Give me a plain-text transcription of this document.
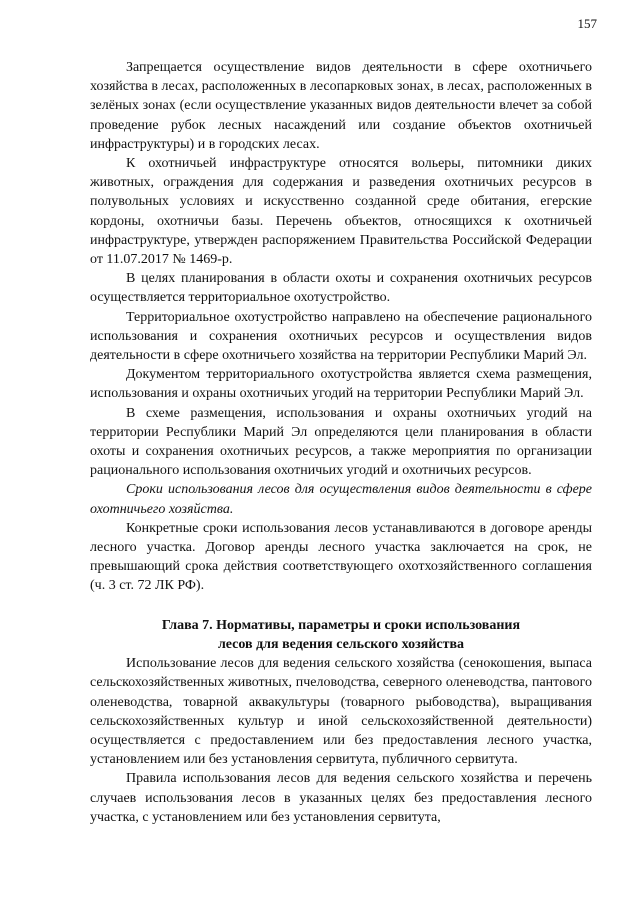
157

Запрещается осуществление видов деятельности в сфере охотничьего хозяйства в лесах, расположенных в лесопарковых зонах, в лесах, расположенных в зелёных зонах (если осуществление указанных видов деятельности влечет за собой проведение рубок лесных насаждений или создание объектов охотничьей инфраструктуры) и в городских лесах.

К охотничьей инфраструктуре относятся вольеры, питомники диких животных, ограждения для содержания и разведения охотничьих ресурсов в полувольных условиях и искусственно созданной среде обитания, егерские кордоны, охотничьи базы. Перечень объектов, относящихся к охотничьей инфраструктуре, утвержден распоряжением Правительства Российской Федерации от 11.07.2017 № 1469-р.

В целях планирования в области охоты и сохранения охотничьих ресурсов осуществляется территориальное охотустройство.

Территориальное охотустройство направлено на обеспечение рационального использования и сохранения охотничьих ресурсов и осуществления видов деятельности в сфере охотничьего хозяйства на территории Республики Марий Эл.

Документом территориального охотустройства является схема размещения, использования и охраны охотничьих угодий на территории Республики Марий Эл.

В схеме размещения, использования и охраны охотничьих угодий на территории Республики Марий Эл определяются цели планирования в области охоты и сохранения охотничьих ресурсов, а также мероприятия по организации рационального использования охотничьих угодий и охотничьих ресурсов.

Сроки использования лесов для осуществления видов деятельности в сфере охотничьего хозяйства.

Конкретные сроки использования лесов устанавливаются в договоре аренды лесного участка. Договор аренды лесного участка заключается на срок, не превышающий срока действия соответствующего охотхозяйственного соглашения (ч. 3 ст. 72 ЛК РФ).

Глава 7. Нормативы, параметры и сроки использования
лесов для ведения сельского хозяйства

Использование лесов для ведения сельского хозяйства (сенокошения, выпаса сельскохозяйственных животных, пчеловодства, северного оленеводства, пантового оленеводства, товарной аквакультуры (товарного рыбоводства), выращивания сельскохозяйственных культур и иной сельскохозяйственной деятельности) осуществляется с предоставлением или без предоставления лесного участка, установлением или без установления сервитута, публичного сервитута.

Правила использования лесов для ведения сельского хозяйства и перечень случаев использования лесов в указанных целях без предоставления лесного участка, с установлением или без установления сервитута,
